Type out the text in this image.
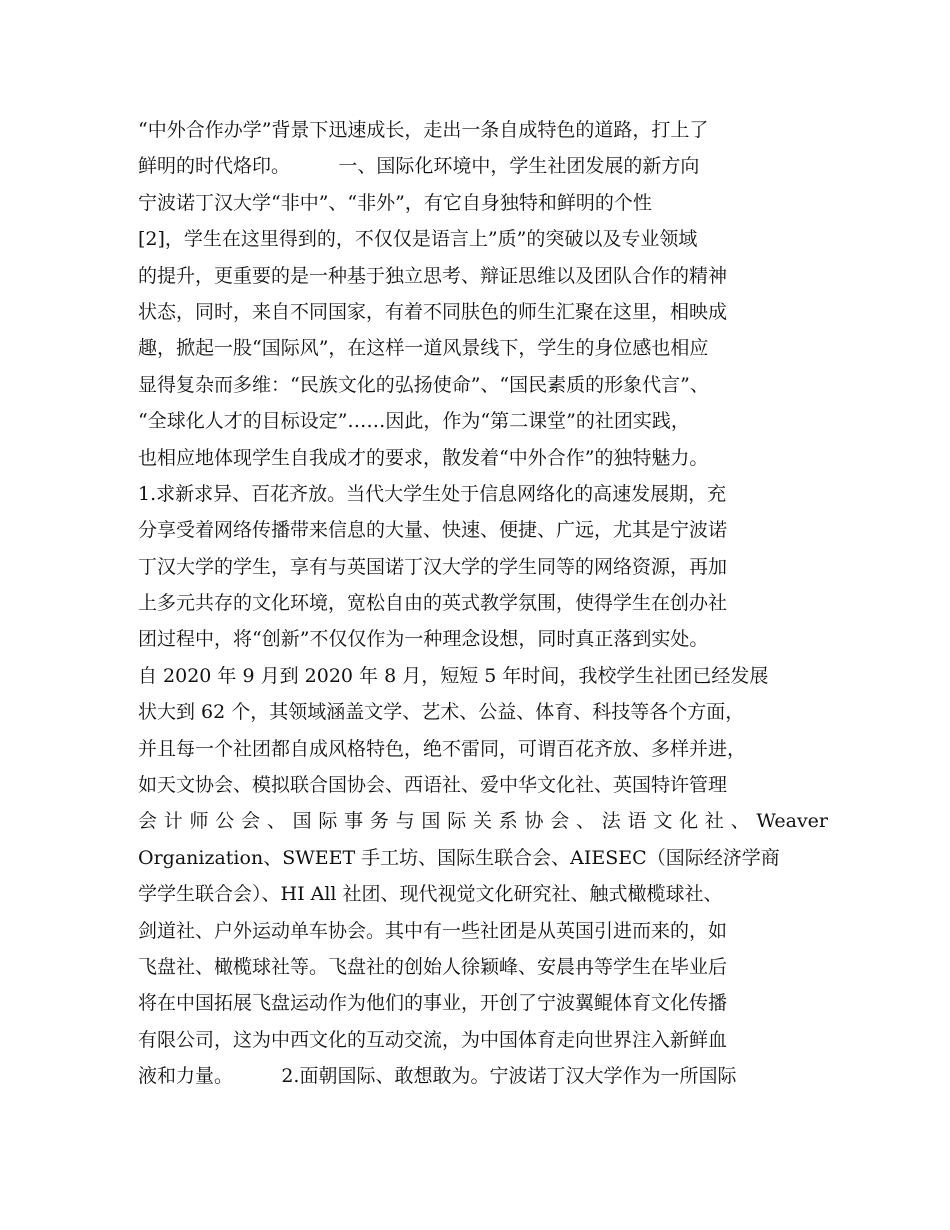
“中外合作办学”背景下迅速成长，走出一条自成特色的道路，打上了
鲜明的时代烙印。        一、国际化环境中，学生社团发展的新方向
宁波诺丁汉大学“非中”、“非外”，有它自身独特和鲜明的个性
[2]，学生在这里得到的，不仅仅是语言上”质”的突破以及专业领域
的提升，更重要的是一种基于独立思考、辩证思维以及团队合作的精神
状态，同时，来自不同国家，有着不同肤色的师生汇聚在这里，相映成
趣，掀起一股“国际风”，在这样一道风景线下，学生的身位感也相应
显得复杂而多维：“民族文化的弘扬使命”、“国民素质的形象代言”、
“全球化人才的目标设定”……因此，作为“第二课堂”的社团实践，
也相应地体现学生自我成才的要求，散发着“中外合作”的独特魅力。
1.求新求异、百花齐放。当代大学生处于信息网络化的高速发展期，充
分享受着网络传播带来信息的大量、快速、便捷、广远，尤其是宁波诺
丁汉大学的学生，享有与英国诺丁汉大学的学生同等的网络资源，再加
上多元共存的文化环境，宽松自由的英式教学氛围，使得学生在创办社
团过程中，将“创新”不仅仅作为一种理念设想，同时真正落到实处。
自 2020 年 9 月到 2020 年 8 月，短短 5 年时间，我校学生社团已经发展
状大到 62 个，其领域涵盖文学、艺术、公益、体育、科技等各个方面，
并且每一个社团都自成风格特色，绝不雷同，可谓百花齐放、多样并进，
如天文协会、模拟联合国协会、西语社、爱中华文化社、英国特许管理
会 计 师 公 会 、 国 际 事 务 与 国 际 关 系 协 会 、 法 语 文 化 社 、 Weaver
Organization、SWEET 手工坊、国际生联合会、AIESEC（国际经济学商
学学生联合会）、HI All 社团、现代视觉文化研究社、触式橄榄球社、
剑道社、户外运动单车协会。其中有一些社团是从英国引进而来的，如
飞盘社、橄榄球社等。飞盘社的创始人徐颖峰、安晨冉等学生在毕业后
将在中国拓展飞盘运动作为他们的事业，开创了宁波翼鲲体育文化传播
有限公司，这为中西文化的互动交流，为中国体育走向世界注入新鲜血
液和力量。        2.面朝国际、敢想敢为。宁波诺丁汉大学作为一所国际
